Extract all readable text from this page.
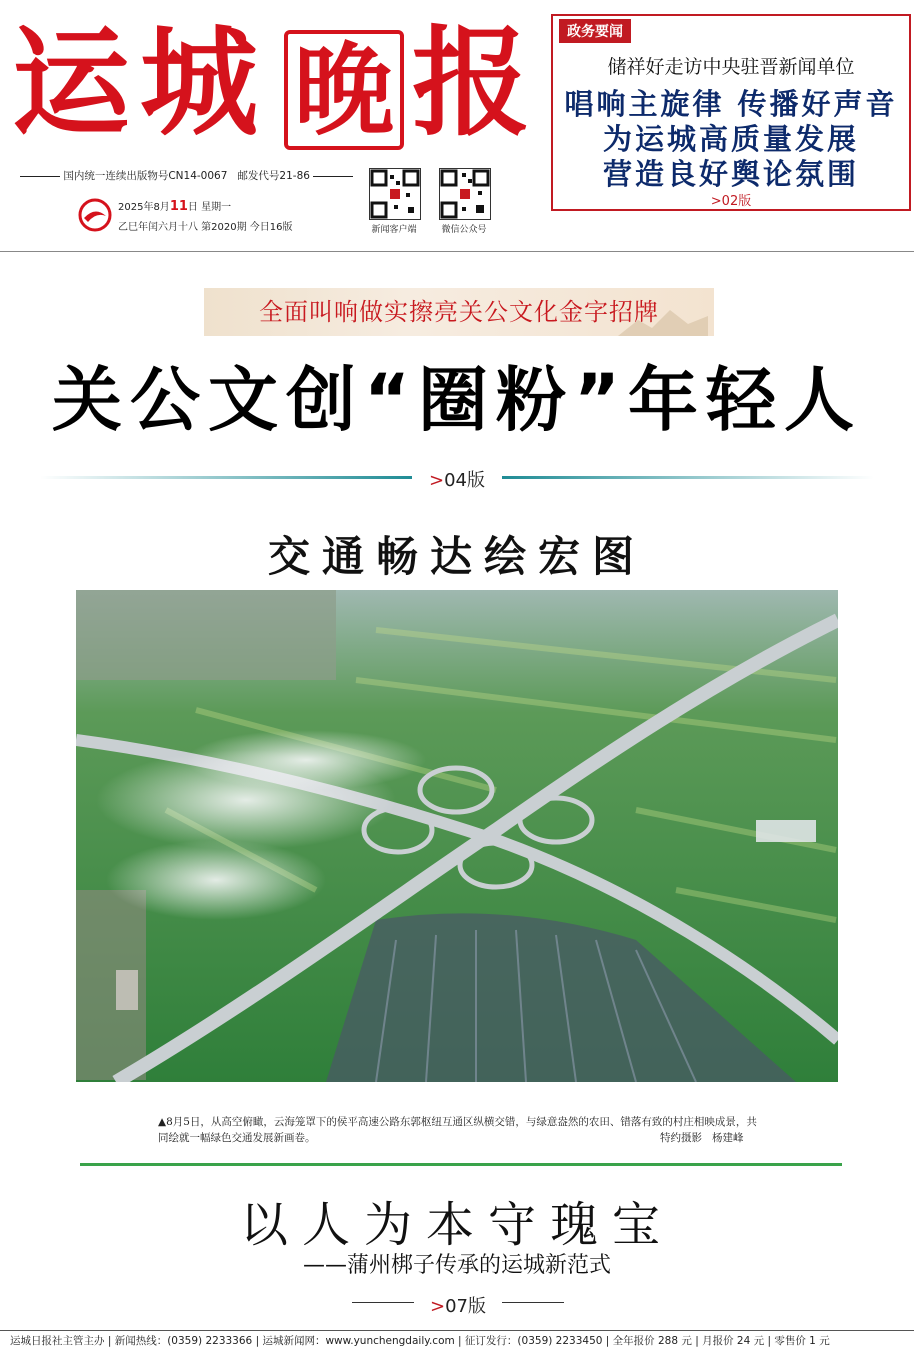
运 城 晚 报
国内统一连续出版物号CN14-0067 邮发代号21-86
2025年8月11日 星期一
乙巳年闰六月十八 第2020期 今日16版	新闻客户端	微信公众号
政务要闻
储祥好走访中央驻晋新闻单位
唱响主旋律 传播好声音
为运城高质量发展
营造良好舆论氛围
>02版
全面叫响做实擦亮关公文化金字招牌
关公文创“圈粉”年轻人
>04版
交通畅达绘宏图
▲8月5日，从高空俯瞰，云海笼罩下的侯平高速公路东郭枢纽互通区纵横交错，与绿意盎然的农田、错落有致的村庄相映成景，共同绘就一幅绿色交通发展新画卷。	特约摄影 杨建峰
以人为本守瑰宝
——蒲州梆子传承的运城新范式
>07版
运城日报社主管主办 | 新闻热线：(0359) 2233366 | 运城新闻网：www.yunchengdaily.com | 征订发行：(0359) 2233450 | 全年报价 288 元 | 月报价 24 元 | 零售价 1 元
